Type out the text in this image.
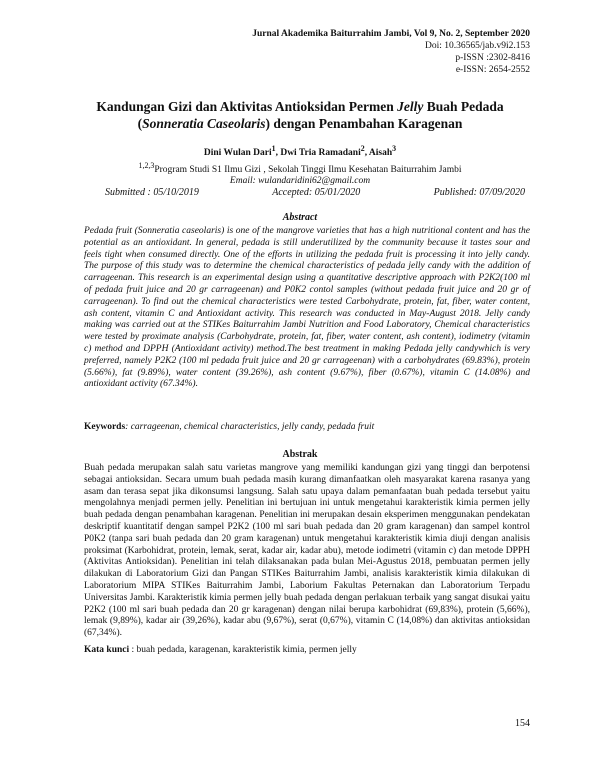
Jurnal Akademika Baiturrahim Jambi, Vol 9, No. 2, September 2020
Doi: 10.36565/jab.v9i2.153
p-ISSN :2302-8416
e-ISSN: 2654-2552
Kandungan Gizi dan Aktivitas Antioksidan Permen Jelly Buah Pedada
(Sonneratia Caseolaris) dengan Penambahan Karagenan
Dini Wulan Dari$^1$, Dwi Tria Ramadani$^2$, Aisah$^3$
$^{1,2,3}$Program Studi S1 Ilmu Gizi , Sekolah Tinggi Ilmu Kesehatan Baiturrahim Jambi
Email: wulandaridini62@gmail.com
Submitted : 05/10/2019	Accepted: 05/01/2020	Published: 07/09/2020
Abstract
Pedada fruit (Sonneratia caseolaris) is one of the mangrove varieties that has a high nutritional content and has the potential as an antioxidant. In general, pedada is still underutilized by the community because it tastes sour and feels tight when consumed directly. One of the efforts in utilizing the pedada fruit is processing it into jelly candy. The purpose of this study was to determine the chemical characteristics of pedada jelly candy with the addition of carrageenan. This research is an experimental design using a quantitative descriptive approach with P2K2(100 ml of pedada fruit juice and 20 gr carrageenan) and P0K2 contol samples (without pedada fruit juice and 20 gr of carrageenan). To find out the chemical characteristics were tested Carbohydrate, protein, fat, fiber, water content, ash content, vitamin C and Antioxidant activity. This research was conducted in May-August 2018. Jelly candy making was carried out at the STIKes Baiturrahim Jambi Nutrition and Food Laboratory, Chemical characteristics were tested by proximate analysis (Carbohydrate, protein, fat, fiber, water content, ash content), iodimetry (vitamin c) method and DPPH (Antioxidant activity) method.The best treatment in making Pedada jelly candywhich is very preferred, namely P2K2 (100 ml pedada fruit juice and 20 gr carrageenan) with a carbohydrates (69.83%), protein (5.66%), fat (9.89%), water content (39.26%), ash content (9.67%), fiber (0.67%), vitamin C (14.08%) and antioxidant activity (67.34%).
Keywords: carrageenan, chemical characteristics, jelly candy, pedada fruit
Abstrak
Buah pedada merupakan salah satu varietas mangrove yang memiliki kandungan gizi yang tinggi dan berpotensi sebagai antioksidan. Secara umum buah pedada masih kurang dimanfaatkan oleh masyarakat karena rasanya yang asam dan terasa sepat jika dikonsumsi langsung. Salah satu upaya dalam pemanfaatan buah pedada tersebut yaitu mengolahnya menjadi permen jelly. Penelitian ini bertujuan ini untuk mengetahui karakteristik kimia permen jelly buah pedada dengan penambahan karagenan. Penelitian ini merupakan desain eksperimen menggunakan pendekatan deskriptif kuantitatif dengan sampel P2K2 (100 ml sari buah pedada dan 20 gram karagenan) dan sampel kontrol P0K2 (tanpa sari buah pedada dan 20 gram karagenan) untuk mengetahui karakteristik kimia diuji dengan analisis proksimat (Karbohidrat, protein, lemak, serat, kadar air, kadar abu), metode iodimetri (vitamin c) dan metode DPPH (Aktivitas Antioksidan). Penelitian ini telah dilaksanakan pada bulan Mei-Agustus 2018, pembuatan permen jelly dilakukan di Laboratorium Gizi dan Pangan STIKes Baiturrahim Jambi, analisis karakteristik kimia dilakukan di Laboratorium MIPA STIKes Baiturrahim Jambi, Laborium Fakultas Peternakan dan Laboratorium Terpadu Universitas Jambi. Karakteristik kimia permen jelly buah pedada dengan perlakuan terbaik yang sangat disukai yaitu P2K2 (100 ml sari buah pedada dan 20 gr karagenan) dengan nilai berupa karbohidrat (69,83%), protein (5,66%), lemak (9,89%), kadar air (39,26%), kadar abu (9,67%), serat (0,67%), vitamin C (14,08%) dan aktivitas antioksidan (67,34%).
Kata kunci : buah pedada, karagenan, karakteristik kimia, permen jelly
154
